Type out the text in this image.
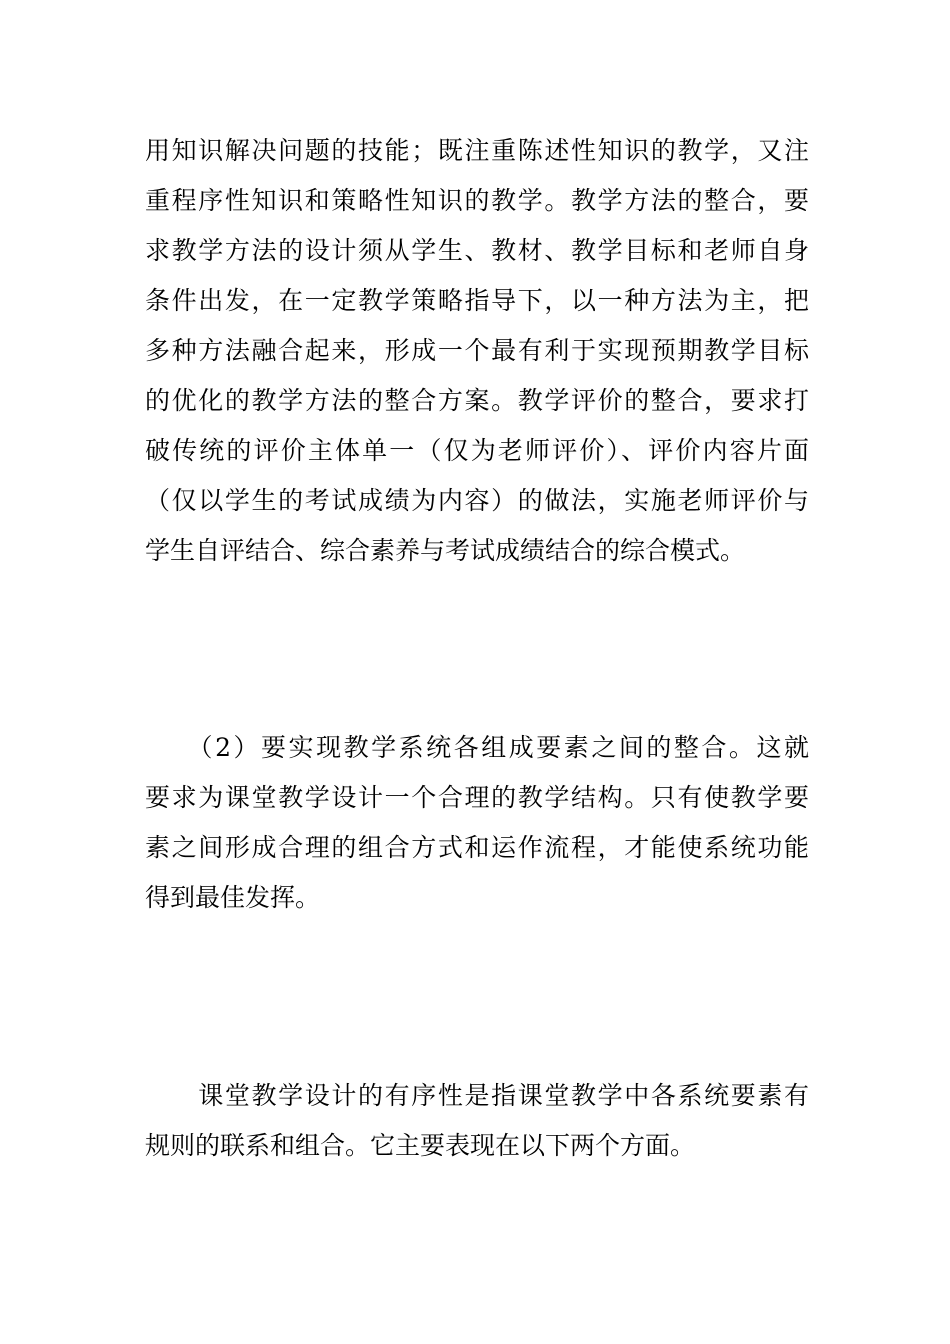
用知识解决问题的技能；既注重陈述性知识的教学，又注
重程序性知识和策略性知识的教学。教学方法的整合，要
求教学方法的设计须从学生、教材、教学目标和老师自身
条件出发，在一定教学策略指导下，以一种方法为主，把
多种方法融合起来，形成一个最有利于实现预期教学目标
的优化的教学方法的整合方案。教学评价的整合，要求打
破传统的评价主体单一（仅为老师评价）、评价内容片面
（仅以学生的考试成绩为内容）的做法，实施老师评价与
学生自评结合、综合素养与考试成绩结合的综合模式。
　　（2）要实现教学系统各组成要素之间的整合。这就
要求为课堂教学设计一个合理的教学结构。只有使教学要
素之间形成合理的组合方式和运作流程，才能使系统功能
得到最佳发挥。
　　课堂教学设计的有序性是指课堂教学中各系统要素有
规则的联系和组合。它主要表现在以下两个方面。
